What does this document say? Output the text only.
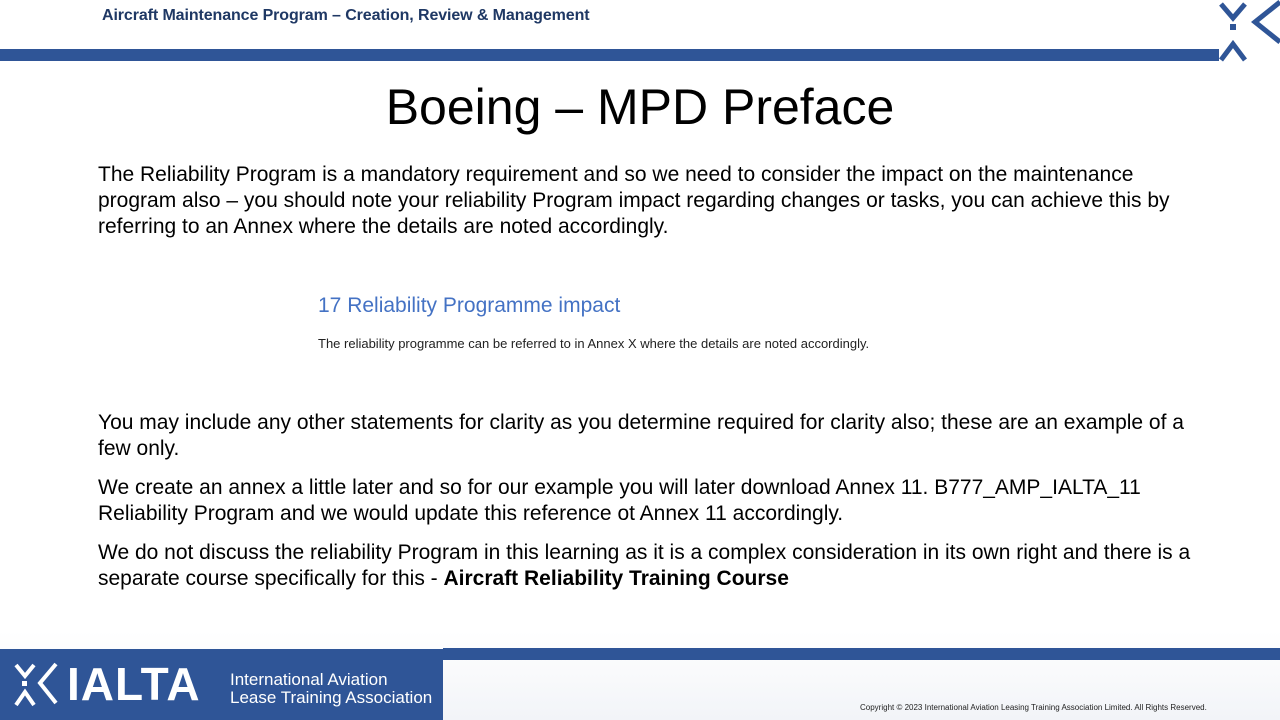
Aircraft Maintenance Program – Creation, Review & Management
Boeing – MPD Preface
The Reliability Program is a mandatory requirement and so we need to consider the impact on the maintenance program also – you should note your reliability Program impact regarding changes or tasks, you can achieve this by referring to an Annex where the details are noted accordingly.
17 Reliability Programme impact
The reliability programme can be referred to in Annex X where the details are noted accordingly.
You may include any other statements for clarity as you determine required for clarity also; these are an example of a few only.
We create an annex a little later and so for our example you will later download Annex 11. B777_AMP_IALTA_11 Reliability Program and we would update this reference ot Annex 11 accordingly.
We do not discuss the reliability Program in this learning as it is a complex consideration in its own right and there is a separate course specifically for this - Aircraft Reliability Training Course
IALTA International Aviation
Lease Training Association
Copyright © 2023 International Aviation Leasing Training Association Limited. All Rights Reserved.
